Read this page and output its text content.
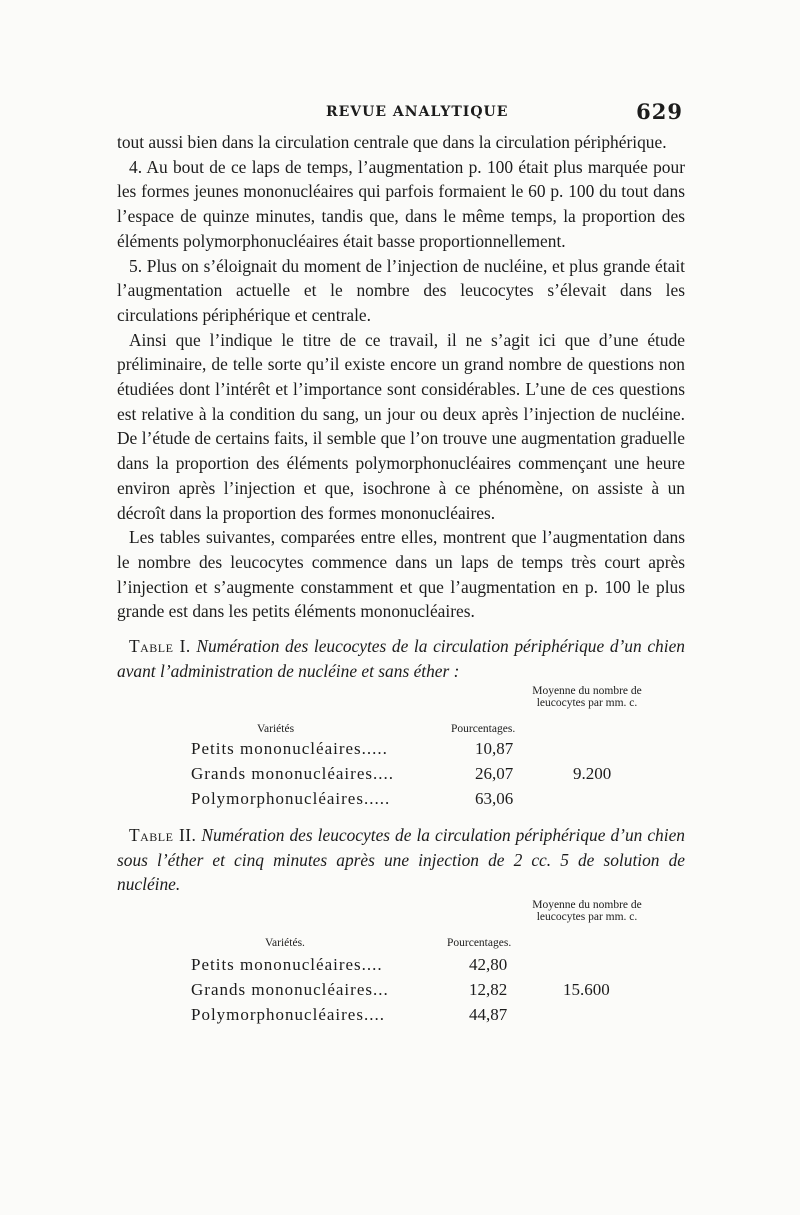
REVUE ANALYTIQUE	629

tout aussi bien dans la circulation centrale que dans la circulation périphérique.

4. Au bout de ce laps de temps, l’augmentation p. 100 était plus marquée pour les formes jeunes mononucléaires qui parfois formaient le 60 p. 100 du tout dans l’espace de quinze minutes, tandis que, dans le même temps, la proportion des éléments polymorphonucléaires était basse proportionnellement.

5. Plus on s’éloignait du moment de l’injection de nucléine, et plus grande était l’augmentation actuelle et le nombre des leucocytes s’élevait dans les circulations périphérique et centrale.

Ainsi que l’indique le titre de ce travail, il ne s’agit ici que d’une étude préliminaire, de telle sorte qu’il existe encore un grand nombre de questions non étudiées dont l’intérêt et l’importance sont considérables. L’une de ces questions est relative à la condition du sang, un jour ou deux après l’injection de nucléine. De l’étude de certains faits, il semble que l’on trouve une augmentation graduelle dans la proportion des éléments polymorphonucléaires commençant une heure environ après l’injection et que, isochrone à ce phénomène, on assiste à un décroît dans la proportion des formes mononucléaires.

Les tables suivantes, comparées entre elles, montrent que l’augmentation dans le nombre des leucocytes commence dans un laps de temps très court après l’injection et s’augmente constamment et que l’augmentation en p. 100 le plus grande est dans les petits éléments mononucléaires.

Table I. Numération des leucocytes de la circulation périphérique d’un chien avant l’administration de nucléine et sans éther :

Moyenne du nombre de leucocytes par mm. c.
Variétés	Pourcentages.
Petits mononucléaires.....	10,87
Grands mononucléaires....	26,07	9.200
Polymorphonucléaires.....	63,06

Table II. Numération des leucocytes de la circulation périphérique d’un chien sous l’éther et cinq minutes après une injection de 2 cc. 5 de solution de nucléine.

Moyenne du nombre de leucocytes par mm. c.
Variétés.	Pourcentages.
Petits mononucléaires....	42,80
Grands mononucléaires...	12,82	15.600
Polymorphonucléaires....	44,87
